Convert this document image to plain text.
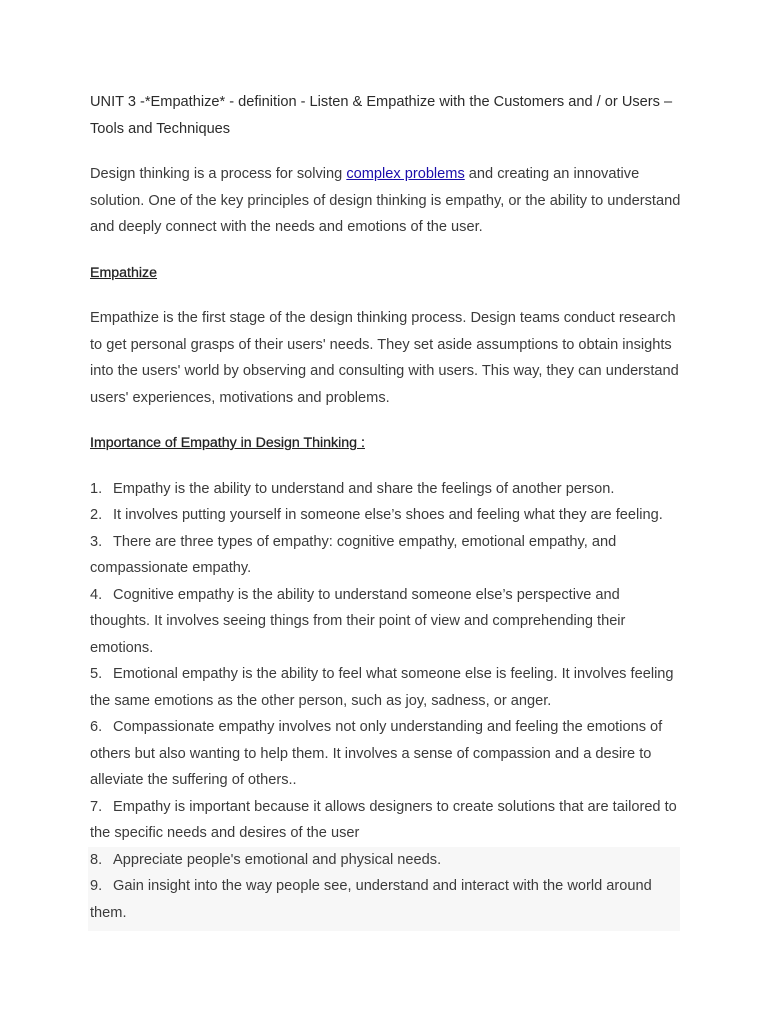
UNIT 3 -*Empathize* - definition - Listen & Empathize with the Customers and / or Users – Tools and Techniques

Design thinking is a process for solving complex problems and creating an innovative solution. One of the key principles of design thinking is empathy, or the ability to understand and deeply connect with the needs and emotions of the user.

Empathize

Empathize is the first stage of the design thinking process. Design teams conduct research to get personal grasps of their users' needs. They set aside assumptions to obtain insights into the users' world by observing and consulting with users. This way, they can understand users' experiences, motivations and problems.

Importance of Empathy in Design Thinking :

1. Empathy is the ability to understand and share the feelings of another person.
2. It involves putting yourself in someone else’s shoes and feeling what they are feeling.
3. There are three types of empathy: cognitive empathy, emotional empathy, and compassionate empathy.
4. Cognitive empathy is the ability to understand someone else’s perspective and thoughts. It involves seeing things from their point of view and comprehending their emotions.
5. Emotional empathy is the ability to feel what someone else is feeling. It involves feeling the same emotions as the other person, such as joy, sadness, or anger.
6. Compassionate empathy involves not only understanding and feeling the emotions of others but also wanting to help them. It involves a sense of compassion and a desire to alleviate the suffering of others..
7. Empathy is important because it allows designers to create solutions that are tailored to the specific needs and desires of the user
8. Appreciate people's emotional and physical needs.
9. Gain insight into the way people see, understand and interact with the world around them.
